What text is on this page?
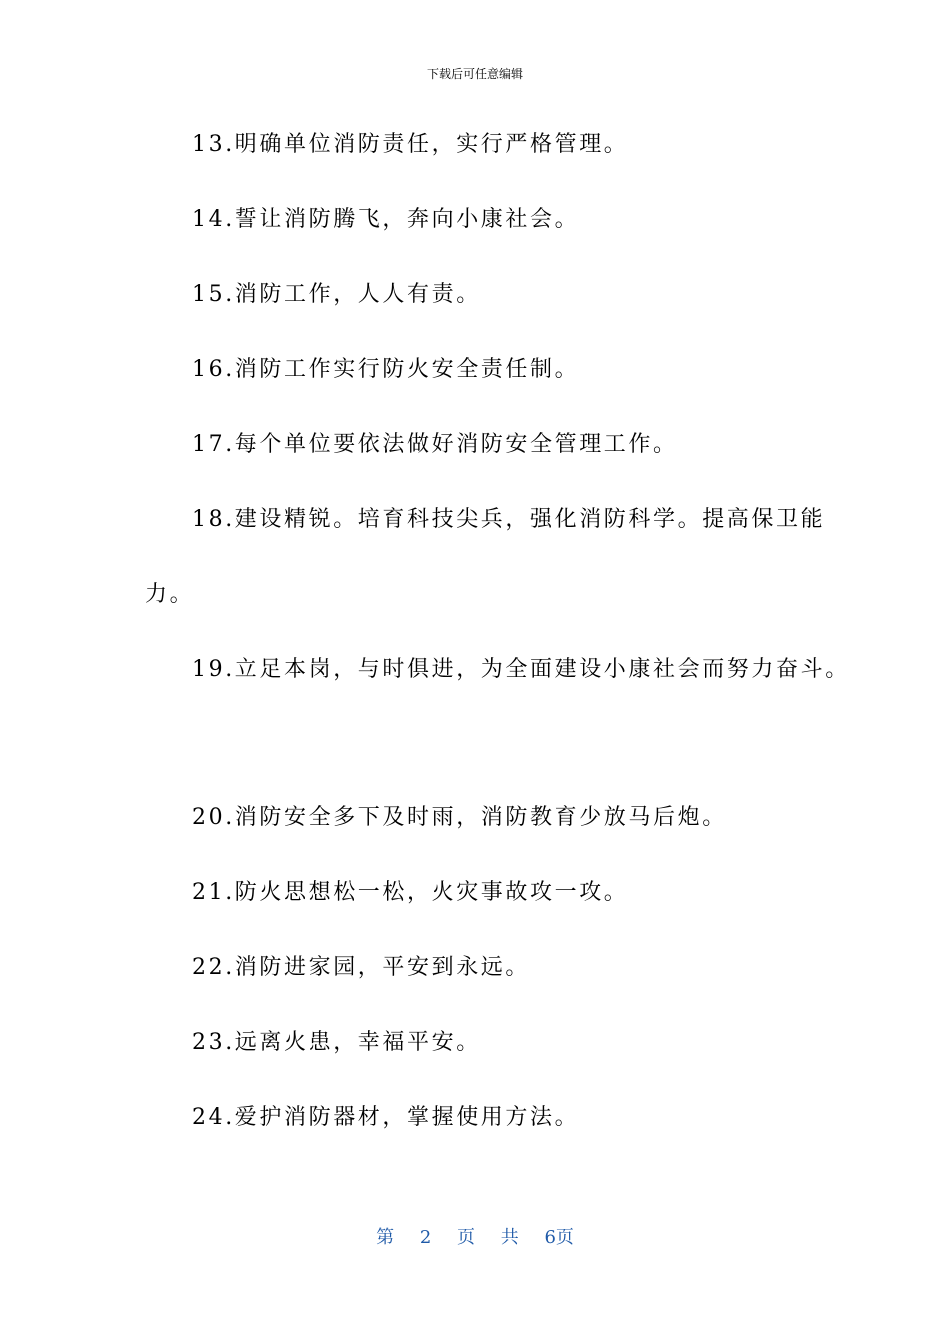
下载后可任意编辑
13.明确单位消防责任，实行严格管理。
14.誓让消防腾飞，奔向小康社会。
15.消防工作，人人有责。
16.消防工作实行防火安全责任制。
17.每个单位要依法做好消防安全管理工作。
18.建设精锐。培育科技尖兵，强化消防科学。提高保卫能
力。
19.立足本岗，与时俱进，为全面建设小康社会而努力奋斗。
20.消防安全多下及时雨，消防教育少放马后炮。
21.防火思想松一松，火灾事故攻一攻。
22.消防进家园，平安到永远。
23.远离火患，幸福平安。
24.爱护消防器材，掌握使用方法。
第 2 页 共 6页
